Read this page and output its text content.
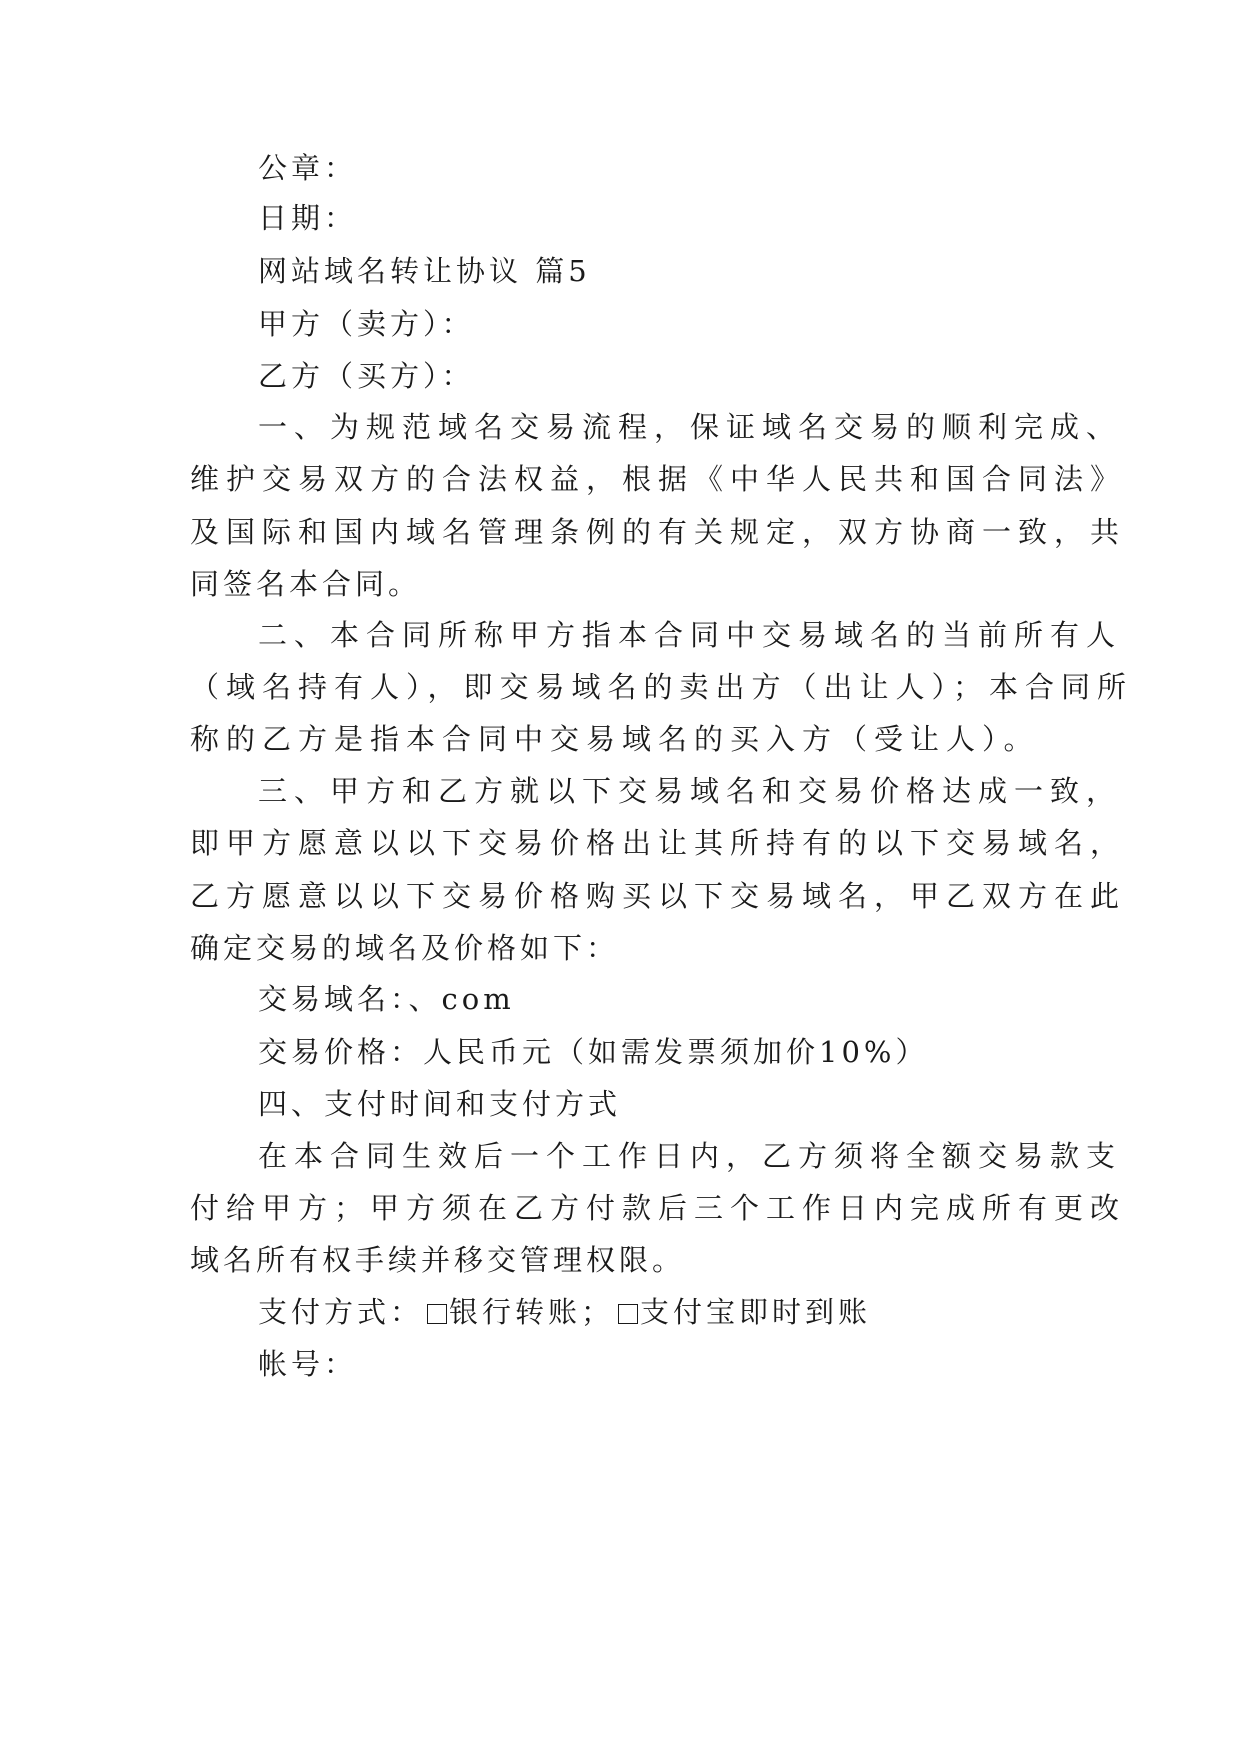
公章：
日期：
网站域名转让协议 篇5
甲方（卖方）：
乙方（买方）：
一、为规范域名交易流程，保证域名交易的顺利完成、
维护交易双方的合法权益，根据《中华人民共和国合同法》
及国际和国内域名管理条例的有关规定，双方协商一致，共
同签名本合同。
二、本合同所称甲方指本合同中交易域名的当前所有人
（域名持有人），即交易域名的卖出方（出让人）；本合同所
称的乙方是指本合同中交易域名的买入方（受让人）。
三、甲方和乙方就以下交易域名和交易价格达成一致，
即甲方愿意以以下交易价格出让其所持有的以下交易域名，
乙方愿意以以下交易价格购买以下交易域名，甲乙双方在此
确定交易的域名及价格如下：
交易域名：、com
交易价格：人民币元（如需发票须加价10%）
四、支付时间和支付方式
在本合同生效后一个工作日内，乙方须将全额交易款支
付给甲方；甲方须在乙方付款后三个工作日内完成所有更改
域名所有权手续并移交管理权限。
支付方式： 银行转账； 支付宝即时到账
帐号：
